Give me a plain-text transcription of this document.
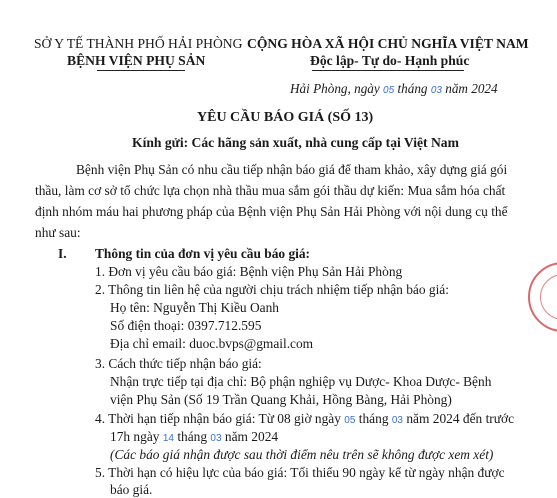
SỞ Y TẾ THÀNH PHỐ HẢI PHÒNG
BỆNH VIỆN PHỤ SẢN
CỘNG HÒA XÃ HỘI CHỦ NGHĨA VIỆT NAM
Độc lập- Tự do- Hạnh phúc
Hải Phòng, ngày 05 tháng 03 năm 2024
YÊU CẦU BÁO GIÁ (SỐ 13)
Kính gửi: Các hãng sản xuất, nhà cung cấp tại Việt Nam
Bệnh viện Phụ Sản có nhu cầu tiếp nhận báo giá để tham khảo, xây dựng giá gói
thầu, làm cơ sở tổ chức lựa chọn nhà thầu mua sắm gói thầu dự kiến: Mua sắm hóa chất
định nhóm máu hai phương pháp của Bệnh viện Phụ Sản Hải Phòng với nội dung cụ thể
như sau:
I. Thông tin của đơn vị yêu cầu báo giá:
1. Đơn vị yêu cầu báo giá: Bệnh viện Phụ Sản Hải Phòng
2. Thông tin liên hệ của người chịu trách nhiệm tiếp nhận báo giá:
Họ tên: Nguyễn Thị Kiều Oanh
Số điện thoại: 0397.712.595
Địa chỉ email: duoc.bvps@gmail.com
3. Cách thức tiếp nhận báo giá:
Nhận trực tiếp tại địa chỉ: Bộ phận nghiệp vụ Dược- Khoa Dược- Bệnh
viện Phụ Sản (Số 19 Trần Quang Khải, Hồng Bàng, Hải Phòng)
4. Thời hạn tiếp nhận báo giá: Từ 08 giờ ngày 05 tháng 03 năm 2024 đến trước
17h ngày 14 tháng 03 năm 2024
(Các báo giá nhận được sau thời điểm nêu trên sẽ không được xem xét)
5. Thời hạn có hiệu lực của báo giá: Tối thiểu 90 ngày kể từ ngày nhận được
báo giá.
